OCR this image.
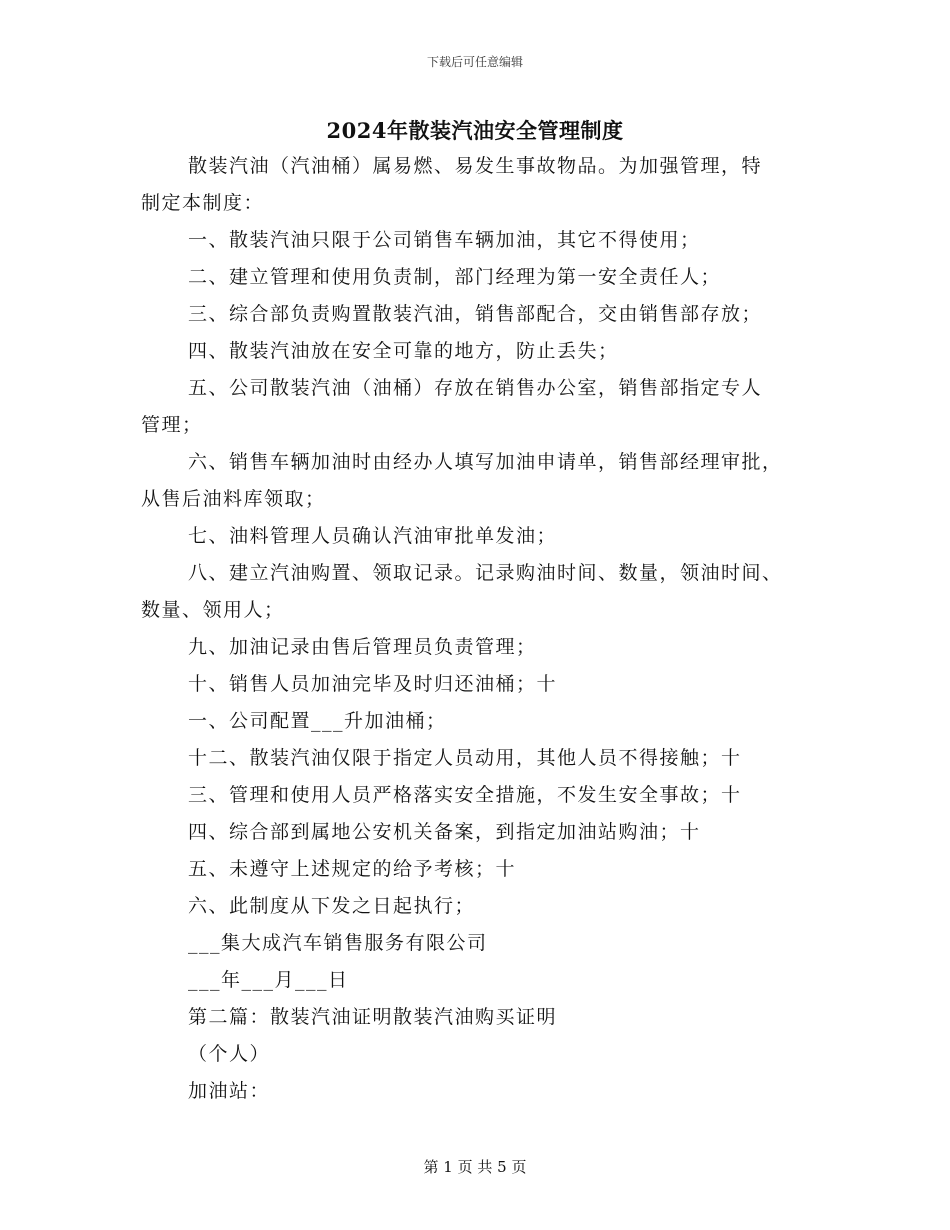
下载后可任意编辑
2024年散装汽油安全管理制度
散装汽油（汽油桶）属易燃、易发生事故物品。为加强管理，特
制定本制度：
一、散装汽油只限于公司销售车辆加油，其它不得使用；
二、建立管理和使用负责制，部门经理为第一安全责任人；
三、综合部负责购置散装汽油，销售部配合，交由销售部存放；
四、散装汽油放在安全可靠的地方，防止丢失；
五、公司散装汽油（油桶）存放在销售办公室，销售部指定专人
管理；
六、销售车辆加油时由经办人填写加油申请单，销售部经理审批，
从售后油料库领取；
七、油料管理人员确认汽油审批单发油；
八、建立汽油购置、领取记录。记录购油时间、数量，领油时间、
数量、领用人；
九、加油记录由售后管理员负责管理；
十、销售人员加油完毕及时归还油桶；十
一、公司配置___升加油桶；
十二、散装汽油仅限于指定人员动用，其他人员不得接触；十
三、管理和使用人员严格落实安全措施，不发生安全事故；十
四、综合部到属地公安机关备案，到指定加油站购油；十
五、未遵守上述规定的给予考核；十
六、此制度从下发之日起执行；
___集大成汽车销售服务有限公司
___年___月___日
第二篇：散装汽油证明散装汽油购买证明
（个人）
加油站：
第 1 页 共 5 页
